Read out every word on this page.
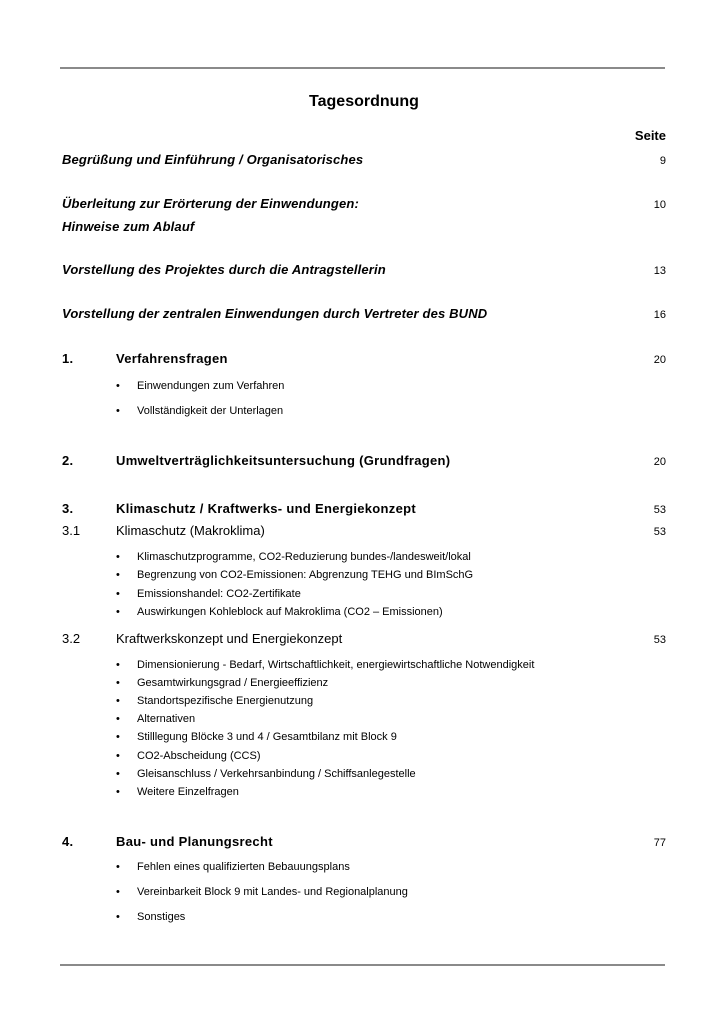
Tagesordnung
Seite
Begrüßung und Einführung / Organisatorisches	9
Überleitung zur Erörterung der Einwendungen:	10
Hinweise zum Ablauf
Vorstellung des Projektes durch die Antragstellerin	13
Vorstellung der zentralen Einwendungen durch Vertreter des BUND	16
1.	Verfahrensfragen	20
• Einwendungen zum Verfahren
• Vollständigkeit der Unterlagen
2.	Umweltverträglichkeitsuntersuchung (Grundfragen)	20
3.	Klimaschutz / Kraftwerks- und Energiekonzept	53
3.1	Klimaschutz (Makroklima)	53
• Klimaschutzprogramme, CO2-Reduzierung bundes-/landesweit/lokal
• Begrenzung von CO2-Emissionen: Abgrenzung TEHG und BImSchG
• Emissionshandel: CO2-Zertifikate
• Auswirkungen Kohleblock auf Makroklima (CO2 – Emissionen)
3.2	Kraftwerkskonzept und Energiekonzept	53
• Dimensionierung - Bedarf, Wirtschaftlichkeit, energiewirtschaftliche Notwendigkeit
• Gesamtwirkungsgrad / Energieeffizienz
• Standortspezifische Energienutzung
• Alternativen
• Stilllegung Blöcke 3 und 4 / Gesamtbilanz mit Block 9
• CO2-Abscheidung (CCS)
• Gleisanschluss / Verkehrsanbindung / Schiffsanlegestelle
• Weitere Einzelfragen
4.	Bau- und Planungsrecht	77
• Fehlen eines qualifizierten Bebauungsplans
• Vereinbarkeit Block 9 mit Landes- und Regionalplanung
• Sonstiges
